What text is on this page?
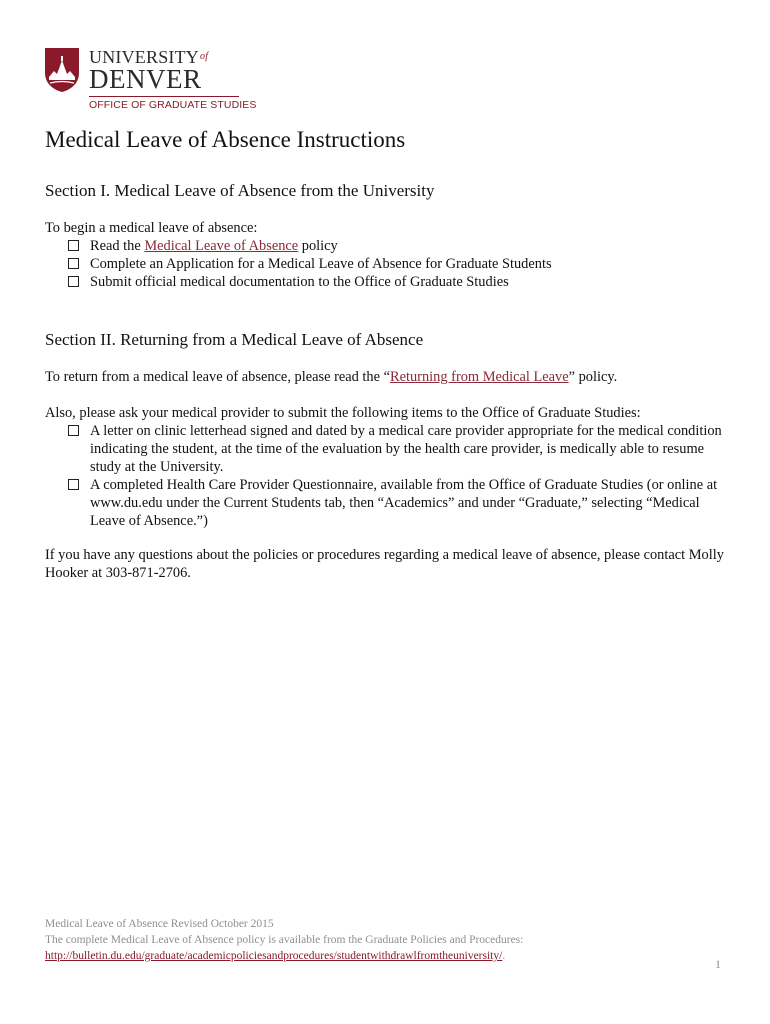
$UNIVERSITY^{of}$
DENVER
OFFICE OF GRADUATE STUDIES
Medical Leave of Absence Instructions
Section I. Medical Leave of Absence from the University
To begin a medical leave of absence:
Read the Medical Leave of Absence policy
Complete an Application for a Medical Leave of Absence for Graduate Students
Submit official medical documentation to the Office of Graduate Studies
Section II. Returning from a Medical Leave of Absence
To return from a medical leave of absence, please read the “Returning from Medical Leave” policy.
Also, please ask your medical provider to submit the following items to the Office of Graduate Studies:
A letter on clinic letterhead signed and dated by a medical care provider appropriate for the medical condition indicating the student, at the time of the evaluation by the health care provider, is medically able to resume study at the University.
A completed Health Care Provider Questionnaire, available from the Office of Graduate Studies (or online at www.du.edu under the Current Students tab, then “Academics” and under “Graduate,” selecting “Medical Leave of Absence.”)
If you have any questions about the policies or procedures regarding a medical leave of absence, please contact Molly Hooker at 303-871-2706.
Medical Leave of Absence Revised October 2015
The complete Medical Leave of Absence policy is available from the Graduate Policies and Procedures:
http://bulletin.du.edu/graduate/academicpoliciesandprocedures/studentwithdrawlfromtheuniversity/.
1
